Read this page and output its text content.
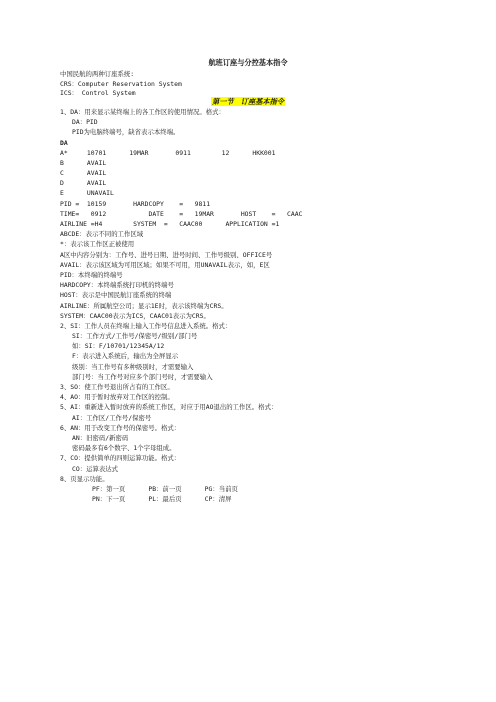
航班订座与分控基本指令
中国民航的两种订座系统:
CRS：Computer Reservation System
ICS： Control System
第一节　订座基本指令
1、DA：用来显示某终端上的各工作区的使用情况。格式：
DA：PID
PID为电脑终端号，缺省表示本终端。
DA
A*     10701      19MAR       0911        12      HKK001
B      AVAIL
C      AVAIL
D      AVAIL
E      UNAVAIL
PID =  10159       HARDCOPY    =   9811
TIME=   0912           DATE    =   19MAR       HOST    =   CAAC
AIRLINE =H4        SYSTEM  =   CAAC00      APPLICATION =1
ABCDE：表示不同的工作区域
*：表示该工作区正被使用
A区中内容分别为：工作号、进号日期、进号时间、工作号级别、OFFICE号
AVAIL：表示该区域为可用区域；如果不可用，用UNAVAIL表示，如，E区
PID：本终端的终端号
HARDCOPY：本终端系统打印机的终端号
HOST：表示是中国民航订座系统的终端
AIRLINE：所属航空公司；显示1E时，表示该终端为CRS。
SYSTEM：CAAC00表示为ICS，CAAC01表示为CRS。
2、SI：工作人员在终端上输入工作号信息进入系统。格式：
SI：工作方式/工作号/保密号/级别/部门号
如：SI：F/10701/12345A/12
F：表示进入系统后，输出为全屏显示
级别：当工作号有多种级别时，才需要输入
部门号：当工作号对应多个部门号时，才需要输入
3、SO：使工作号退出所占有的工作区。
4、AO：用于暂时放弃对工作区的控制。
5、AI：重新进入暂时放弃的系统工作区，对应于用AO退出的工作区。格式：
AI：工作区/工作号/保密号
6、AN：用于改变工作号的保密号。格式：
AN：旧密码/新密码
密码最多有6个数字、1个字母组成。
7、CO：提供简单的四则运算功能。格式：
CO：运算表达式
8、页显示功能。
PF：第一页      PB：前一页      PG：当前页
PN：下一页      PL：最后页      CP：清屏
